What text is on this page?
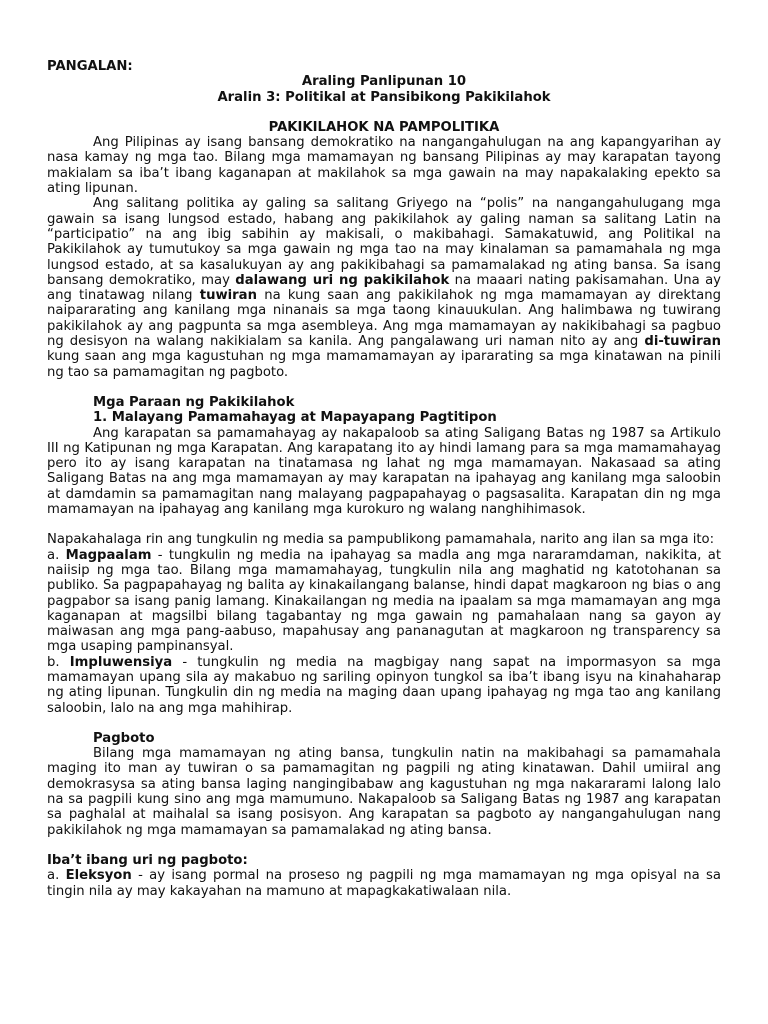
PANGALAN:
Araling Panlipunan 10
Aralin 3: Politikal at Pansibikong Pakikilahok
PAKIKILAHOK NA PAMPOLITIKA

Ang Pilipinas ay isang bansang demokratiko na nangangahulugan na ang kapangyarihan ay nasa kamay ng mga tao. Bilang mga mamamayan ng bansang Pilipinas ay may karapatan tayong makialam sa iba’t ibang kaganapan at makilahok sa mga gawain na may napakalaking epekto sa ating lipunan.

Ang salitang politika ay galing sa salitang Griyego na “polis” na nangangahulugang mga gawain sa isang lungsod estado, habang ang pakikilahok ay galing naman sa salitang Latin na “participatio” na ang ibig sabihin ay makisali, o makibahagi. Samakatuwid, ang Politikal na Pakikilahok ay tumutukoy sa mga gawain ng mga tao na may kinalaman sa pamamahala ng mga lungsod estado, at sa kasalukuyan ay ang pakikibahagi sa pamamalakad ng ating bansa. Sa isang bansang demokratiko, may dalawang uri ng pakikilahok na maaari nating pakisamahan. Una ay ang tinatawag nilang tuwiran na kung saan ang pakikilahok ng mga mamamayan ay direktang naipararating ang kanilang mga ninanais sa mga taong kinauukulan. Ang halimbawa ng tuwirang pakikilahok ay ang pagpunta sa mga asembleya. Ang mga mamamayan ay nakikibahagi sa pagbuo ng desisyon na walang nakikialam sa kanila. Ang pangalawang uri naman nito ay ang di-tuwiran kung saan ang mga kagustuhan ng mga mamamamayan ay ipararating sa mga kinatawan na pinili ng tao sa pamamagitan ng pagboto.

Mga Paraan ng Pakikilahok
1. Malayang Pamamahayag at Mapayapang Pagtitipon

Ang karapatan sa pamamahayag ay nakapaloob sa ating Saligang Batas ng 1987 sa Artikulo III ng Katipunan ng mga Karapatan. Ang karapatang ito ay hindi lamang para sa mga mamamahayag pero ito ay isang karapatan na tinatamasa ng lahat ng mga mamamayan. Nakasaad sa ating Saligang Batas na ang mga mamamayan ay may karapatan na ipahayag ang kanilang mga saloobin at damdamin sa pamamagitan nang malayang pagpapahayag o pagsasalita. Karapatan din ng mga mamamayan na ipahayag ang kanilang mga kurokuro ng walang nanghihimasok.

Napakahalaga rin ang tungkulin ng media sa pampublikong pamamahala, narito ang ilan sa mga ito:

a. Magpaalam - tungkulin ng media na ipahayag sa madla ang mga nararamdaman, nakikita, at naiisip ng mga tao. Bilang mga mamamahayag, tungkulin nila ang maghatid ng katotohanan sa publiko. Sa pagpapahayag ng balita ay kinakailangang balanse, hindi dapat magkaroon ng bias o ang pagpabor sa isang panig lamang. Kinakailangan ng media na ipaalam sa mga mamamayan ang mga kaganapan at magsilbi bilang tagabantay ng mga gawain ng pamahalaan nang sa gayon ay maiwasan ang mga pang-aabuso, mapahusay ang pananagutan at magkaroon ng transparency sa mga usaping pampinansyal.

b. Impluwensiya - tungkulin ng media na magbigay nang sapat na impormasyon sa mga mamamayan upang sila ay makabuo ng sariling opinyon tungkol sa iba’t ibang isyu na kinahaharap ng ating lipunan. Tungkulin din ng media na maging daan upang ipahayag ng mga tao ang kanilang saloobin, lalo na ang mga mahihirap.

Pagboto

Bilang mga mamamayan ng ating bansa, tungkulin natin na makibahagi sa pamamahala maging ito man ay tuwiran o sa pamamagitan ng pagpili ng ating kinatawan. Dahil umiiral ang demokrasysa sa ating bansa laging nangingibabaw ang kagustuhan ng mga nakararami lalong lalo na sa pagpili kung sino ang mga mamumuno. Nakapaloob sa Saligang Batas ng 1987 ang karapatan sa paghalal at maihalal sa isang posisyon. Ang karapatan sa pagboto ay nangangahulugan nang pakikilahok ng mga mamamayan sa pamamalakad ng ating bansa.

Iba’t ibang uri ng pagboto:

a. Eleksyon - ay isang pormal na proseso ng pagpili ng mga mamamayan ng mga opisyal na sa tingin nila ay may kakayahan na mamuno at mapagkakatiwalaan nila.
